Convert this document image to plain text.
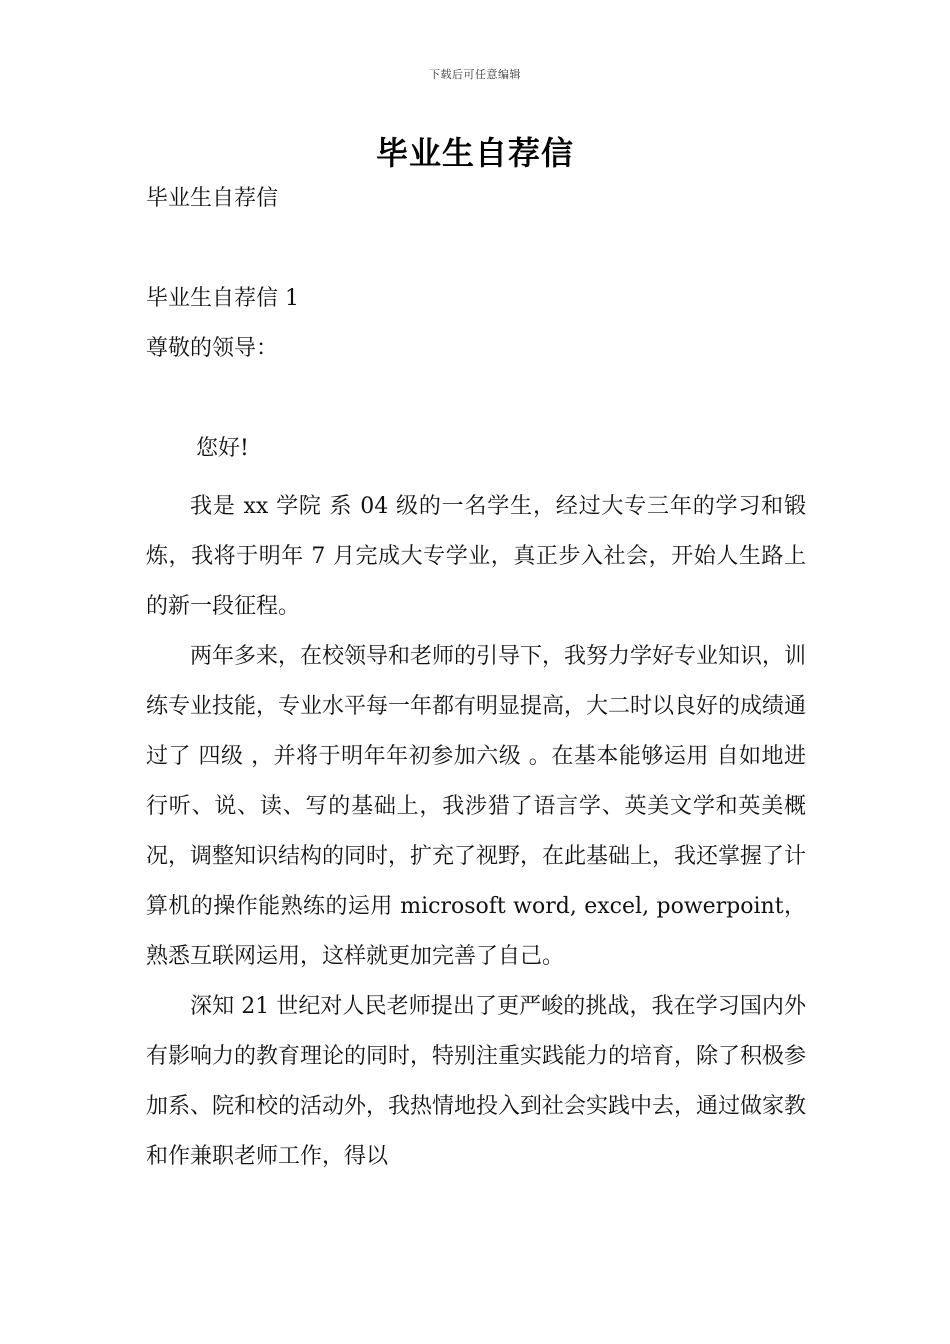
下载后可任意编辑
毕业生自荐信
毕业生自荐信
毕业生自荐信 1
尊敬的领导：
您好!

我是 xx 学院 系 04 级的一名学生，经过大专三年的学习和锻炼，我将于明年 7 月完成大专学业，真正步入社会，开始人生路上的新一段征程。

两年多来，在校领导和老师的引导下，我努力学好专业知识，训练专业技能，专业水平每一年都有明显提高，大二时以良好的成绩通过了 四级 ，并将于明年年初参加六级 。在基本能够运用 自如地进行听、说、读、写的基础上，我涉猎了语言学、英美文学和英美概况，调整知识结构的同时，扩充了视野，在此基础上，我还掌握了计算机的操作能熟练的运用 microsoft word, excel, powerpoint，熟悉互联网运用，这样就更加完善了自己。

深知 21 世纪对人民老师提出了更严峻的挑战，我在学习国内外有影响力的教育理论的同时，特别注重实践能力的培育，除了积极参加系、院和校的活动外，我热情地投入到社会实践中去，通过做家教和作兼职老师工作，得以
